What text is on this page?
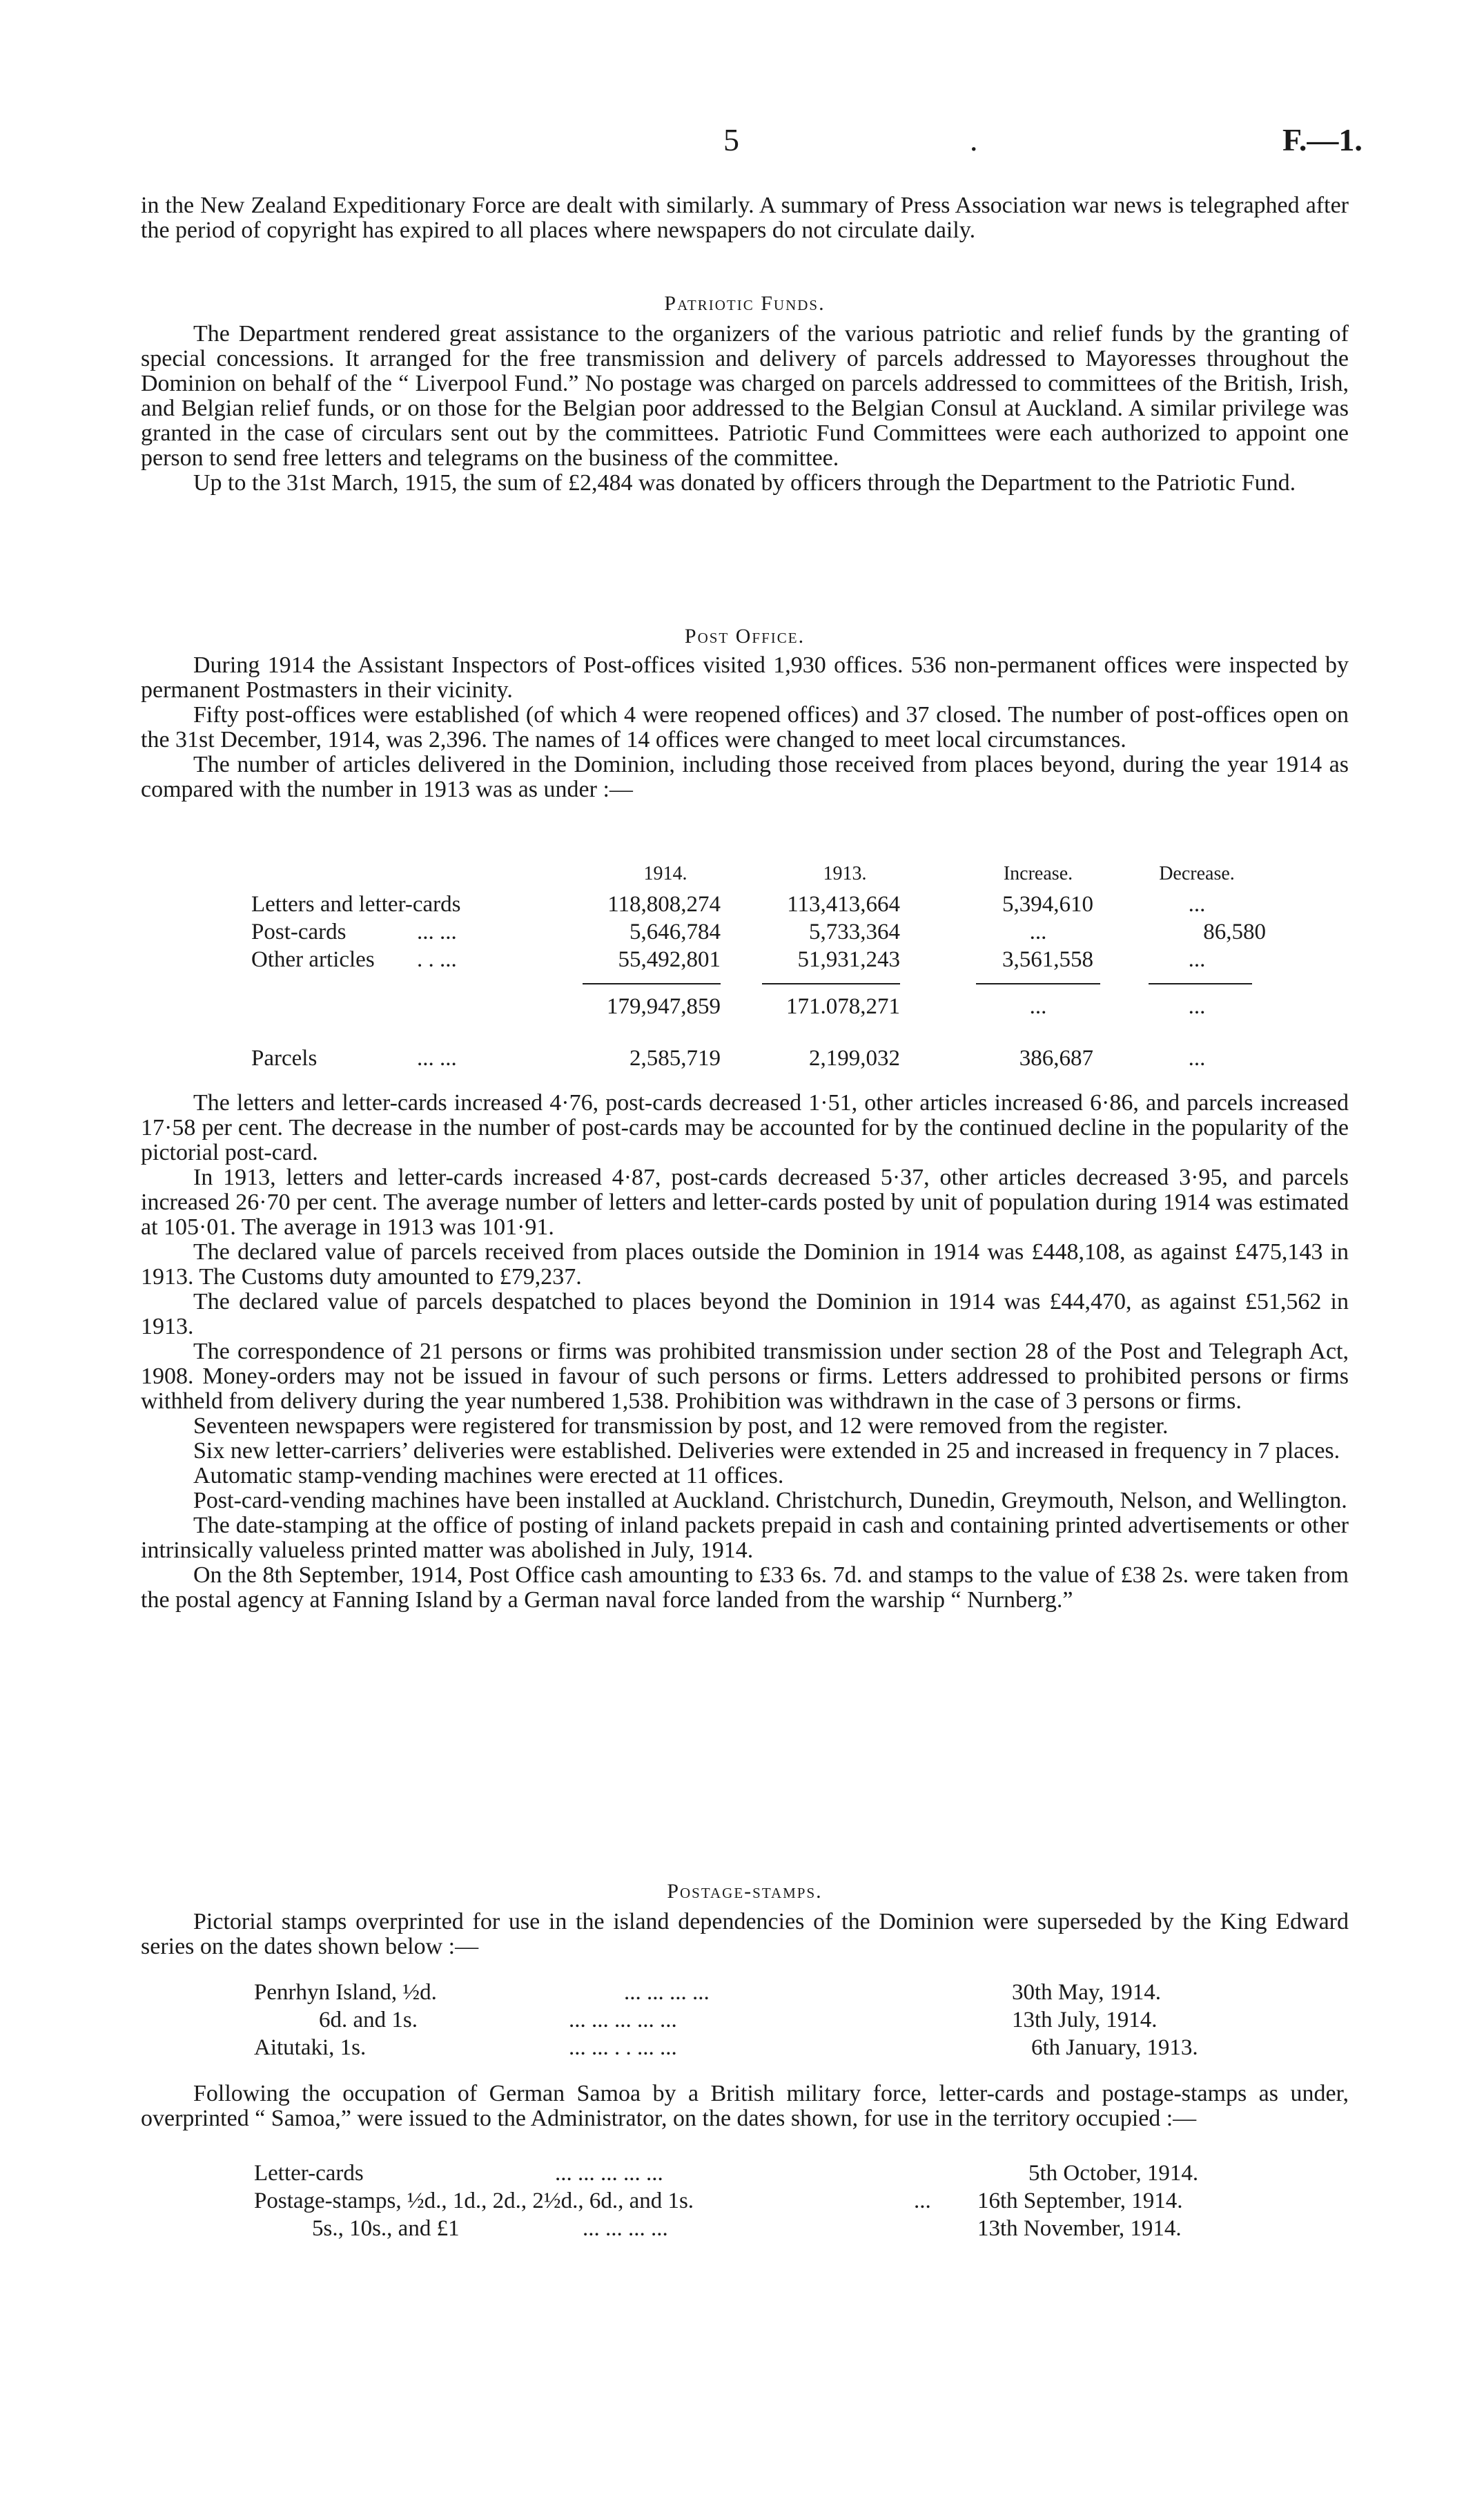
5	.	F.—1.

in the New Zealand Expeditionary Force are dealt with similarly. A summary of Press Association war news is telegraphed after the period of copyright has expired to all places where newspapers do not circulate daily.

Patriotic Funds.

The Department rendered great assistance to the organizers of the various patriotic and relief funds by the granting of special concessions. It arranged for the free transmission and delivery of parcels addressed to Mayoresses throughout the Dominion on behalf of the “ Liverpool Fund.” No postage was charged on parcels addressed to committees of the British, Irish, and Belgian relief funds, or on those for the Belgian poor addressed to the Belgian Consul at Auckland. A similar privilege was granted in the case of circulars sent out by the committees. Patriotic Fund Committees were each authorized to appoint one person to send free letters and telegrams on the business of the committee.

Up to the 31st March, 1915, the sum of £2,484 was donated by officers through the Department to the Patriotic Fund.

Post Office.

During 1914 the Assistant Inspectors of Post-offices visited 1,930 offices. 536 non-permanent offices were inspected by permanent Postmasters in their vicinity.

Fifty post-offices were established (of which 4 were reopened offices) and 37 closed. The number of post-offices open on the 31st December, 1914, was 2,396. The names of 14 offices were changed to meet local circumstances.

The number of articles delivered in the Dominion, including those received from places beyond, during the year 1914 as compared with the number in 1913 was as under :—

1914.	1913.	Increase.	Decrease.
Letters and letter-cards	118,808,274	113,413,664	5,394,610	...
Post-cards	... ...	5,646,784	5,733,364	...	86,580
Other articles . . ...	55,492,801	51,931,243	3,561,558	...
179,947,859	171.078,271	...	...
Parcels	... ...	2,585,719	2,199,032	386,687	...

The letters and letter-cards increased 4·76, post-cards decreased 1·51, other articles increased 6·86, and parcels increased 17·58 per cent. The decrease in the number of post-cards may be accounted for by the continued decline in the popularity of the pictorial post-card.

In 1913, letters and letter-cards increased 4·87, post-cards decreased 5·37, other articles decreased 3·95, and parcels increased 26·70 per cent. The average number of letters and letter-cards posted by unit of population during 1914 was estimated at 105·01. The average in 1913 was 101·91.

The declared value of parcels received from places outside the Dominion in 1914 was £448,108, as against £475,143 in 1913. The Customs duty amounted to £79,237.

The declared value of parcels despatched to places beyond the Dominion in 1914 was £44,470, as against £51,562 in 1913.

The correspondence of 21 persons or firms was prohibited transmission under section 28 of the Post and Telegraph Act, 1908. Money-orders may not be issued in favour of such persons or firms. Letters addressed to prohibited persons or firms withheld from delivery during the year numbered 1,538. Prohibition was withdrawn in the case of 3 persons or firms.

Seventeen newspapers were registered for transmission by post, and 12 were removed from the register.

Six new letter-carriers’ deliveries were established. Deliveries were extended in 25 and increased in frequency in 7 places.

Automatic stamp-vending machines were erected at 11 offices.

Post-card-vending machines have been installed at Auckland. Christchurch, Dunedin, Greymouth, Nelson, and Wellington.

The date-stamping at the office of posting of inland packets prepaid in cash and containing printed advertisements or other intrinsically valueless printed matter was abolished in July, 1914.

On the 8th September, 1914, Post Office cash amounting to £33 6s. 7d. and stamps to the value of £38 2s. were taken from the postal agency at Fanning Island by a German naval force landed from the warship “ Nurnberg.”

Postage-stamps.

Pictorial stamps overprinted for use in the island dependencies of the Dominion were superseded by the King Edward series on the dates shown below :—

Penrhyn Island, ½d.	... ... ... ...	30th May, 1914.
6d. and 1s.	... ... ... ... ...	13th July, 1914.
Aitutaki, 1s.	... ... . . ... ...	6th January, 1913.

Following the occupation of German Samoa by a British military force, letter-cards and postage-stamps as under, overprinted “ Samoa,” were issued to the Administrator, on the dates shown, for use in the territory occupied :—

Letter-cards	... ... ... ... ...	5th October, 1914.
Postage-stamps, ½d., 1d., 2d., 2½d., 6d., and 1s.	... 16th September, 1914.
5s., 10s., and £1	... ... ... ...	13th November, 1914.
